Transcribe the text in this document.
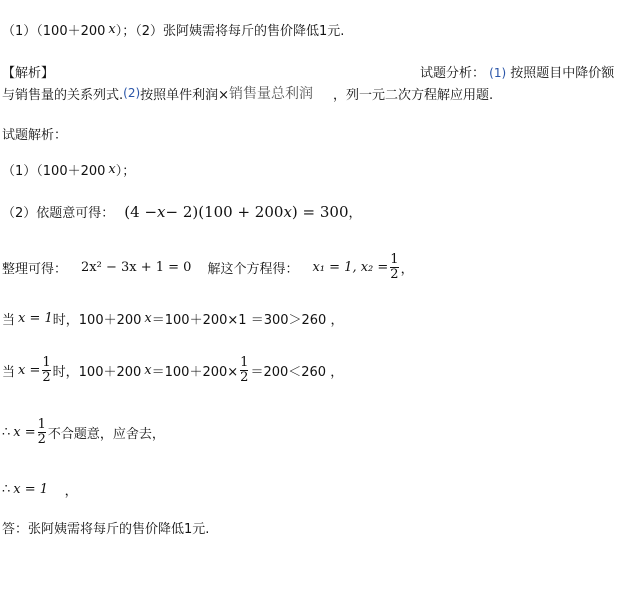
（1）（100＋200 x ）；（2）张阿姨需将每斤的售价降低1元.
【解析】	试题分析： (1) 按照题目中降价额
与销售量的关系列式. (2) 按照单件利润× 销售量总利润 ，列一元二次方程解应用题.
试题解析：
（1）（100＋200 x ）；
（2）依题意可得： (4 − x − 2)(100 + 200 x ) = 300 ，
整理可得： 2x² − 3x + 1 = 0 解这个方程得： x₁ = 1, $x_2 = \frac{1}{2}$ ，
当 x = 1 时，100＋200 x ＝100＋200×1 ＝300＞260 ，
当 $x = \frac{1}{2}$ 时，100＋200 $x =100+200\times \frac{1}{2} =200<260$ ，
∴ $x = \frac{1}{2}$ 不合题意，应舍去，
∴ x = 1 ，
答：张阿姨需将每斤的售价降低1元.
